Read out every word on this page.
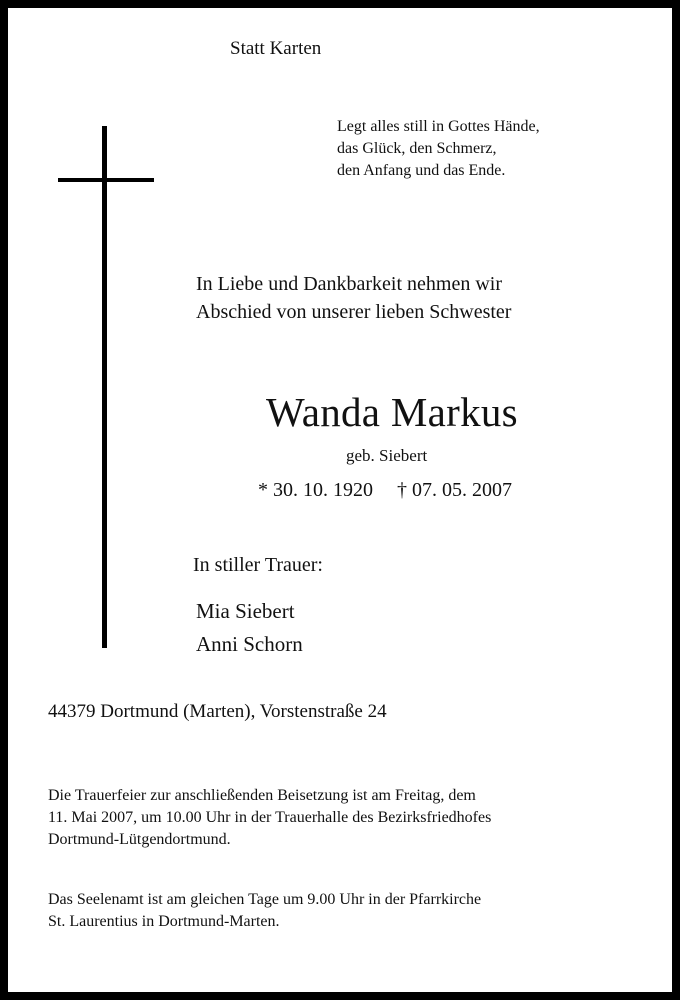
Statt Karten

Legt alles still in Gottes Hände,
das Glück, den Schmerz,
den Anfang und das Ende.
In Liebe und Dankbarkeit nehmen wir
Abschied von unserer lieben Schwester

Wanda Markus

geb. Siebert

* 30. 10. 1920 † 07. 05. 2007

In stiller Trauer:

Mia Siebert
Anni Schorn

44379 Dortmund (Marten), Vorstenstraße 24

Die Trauerfeier zur anschließenden Beisetzung ist am Freitag, dem
11. Mai 2007, um 10.00 Uhr in der Trauerhalle des Bezirksfriedhofes
Dortmund-Lütgendortmund.
Das Seelenamt ist am gleichen Tage um 9.00 Uhr in der Pfarrkirche
St. Laurentius in Dortmund-Marten.
